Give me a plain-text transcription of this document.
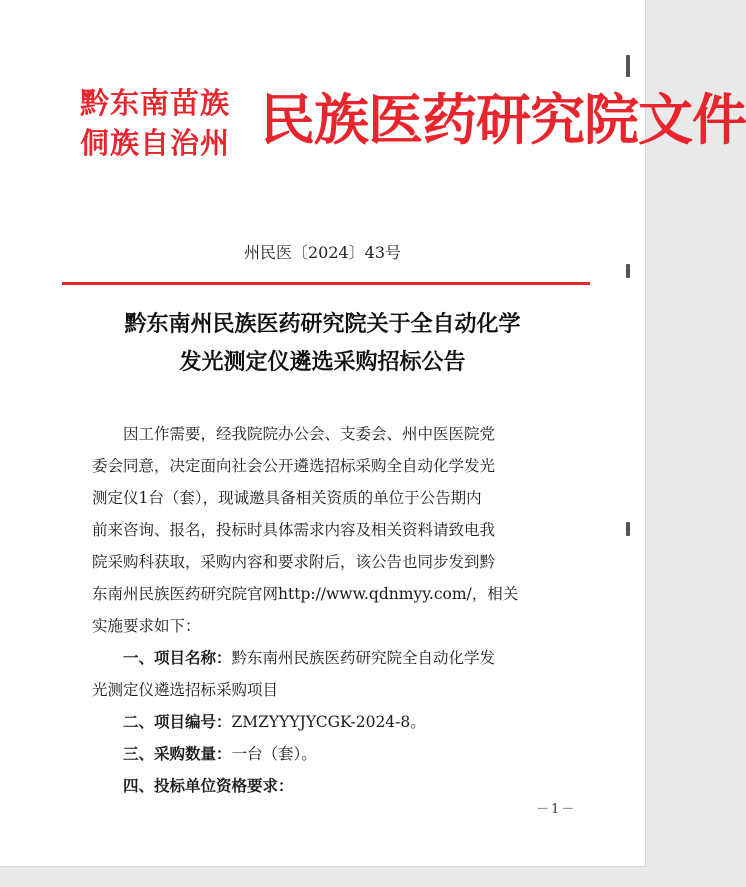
黔东南苗族
侗族自治州 民族医药研究院文件
州民医〔2024〕43号
黔东南州民族医药研究院关于全自动化学
发光测定仪遴选采购招标公告

因工作需要，经我院院办公会、支委会、州中医医院党

委会同意，决定面向社会公开遴选招标采购全自动化学发光

测定仪1台（套），现诚邀具备相关资质的单位于公告期内

前来咨询、报名，投标时具体需求内容及相关资料请致电我

院采购科获取，采购内容和要求附后，该公告也同步发到黔

东南州民族医药研究院官网http://www.qdnmyy.com/，相关

实施要求如下：

一、项目名称：黔东南州民族医药研究院全自动化学发

光测定仪遴选招标采购项目

二、项目编号：ZMZYYYJYCGK-2024-8。

三、采购数量：一台（套）。

四、投标单位资格要求：

－1－
